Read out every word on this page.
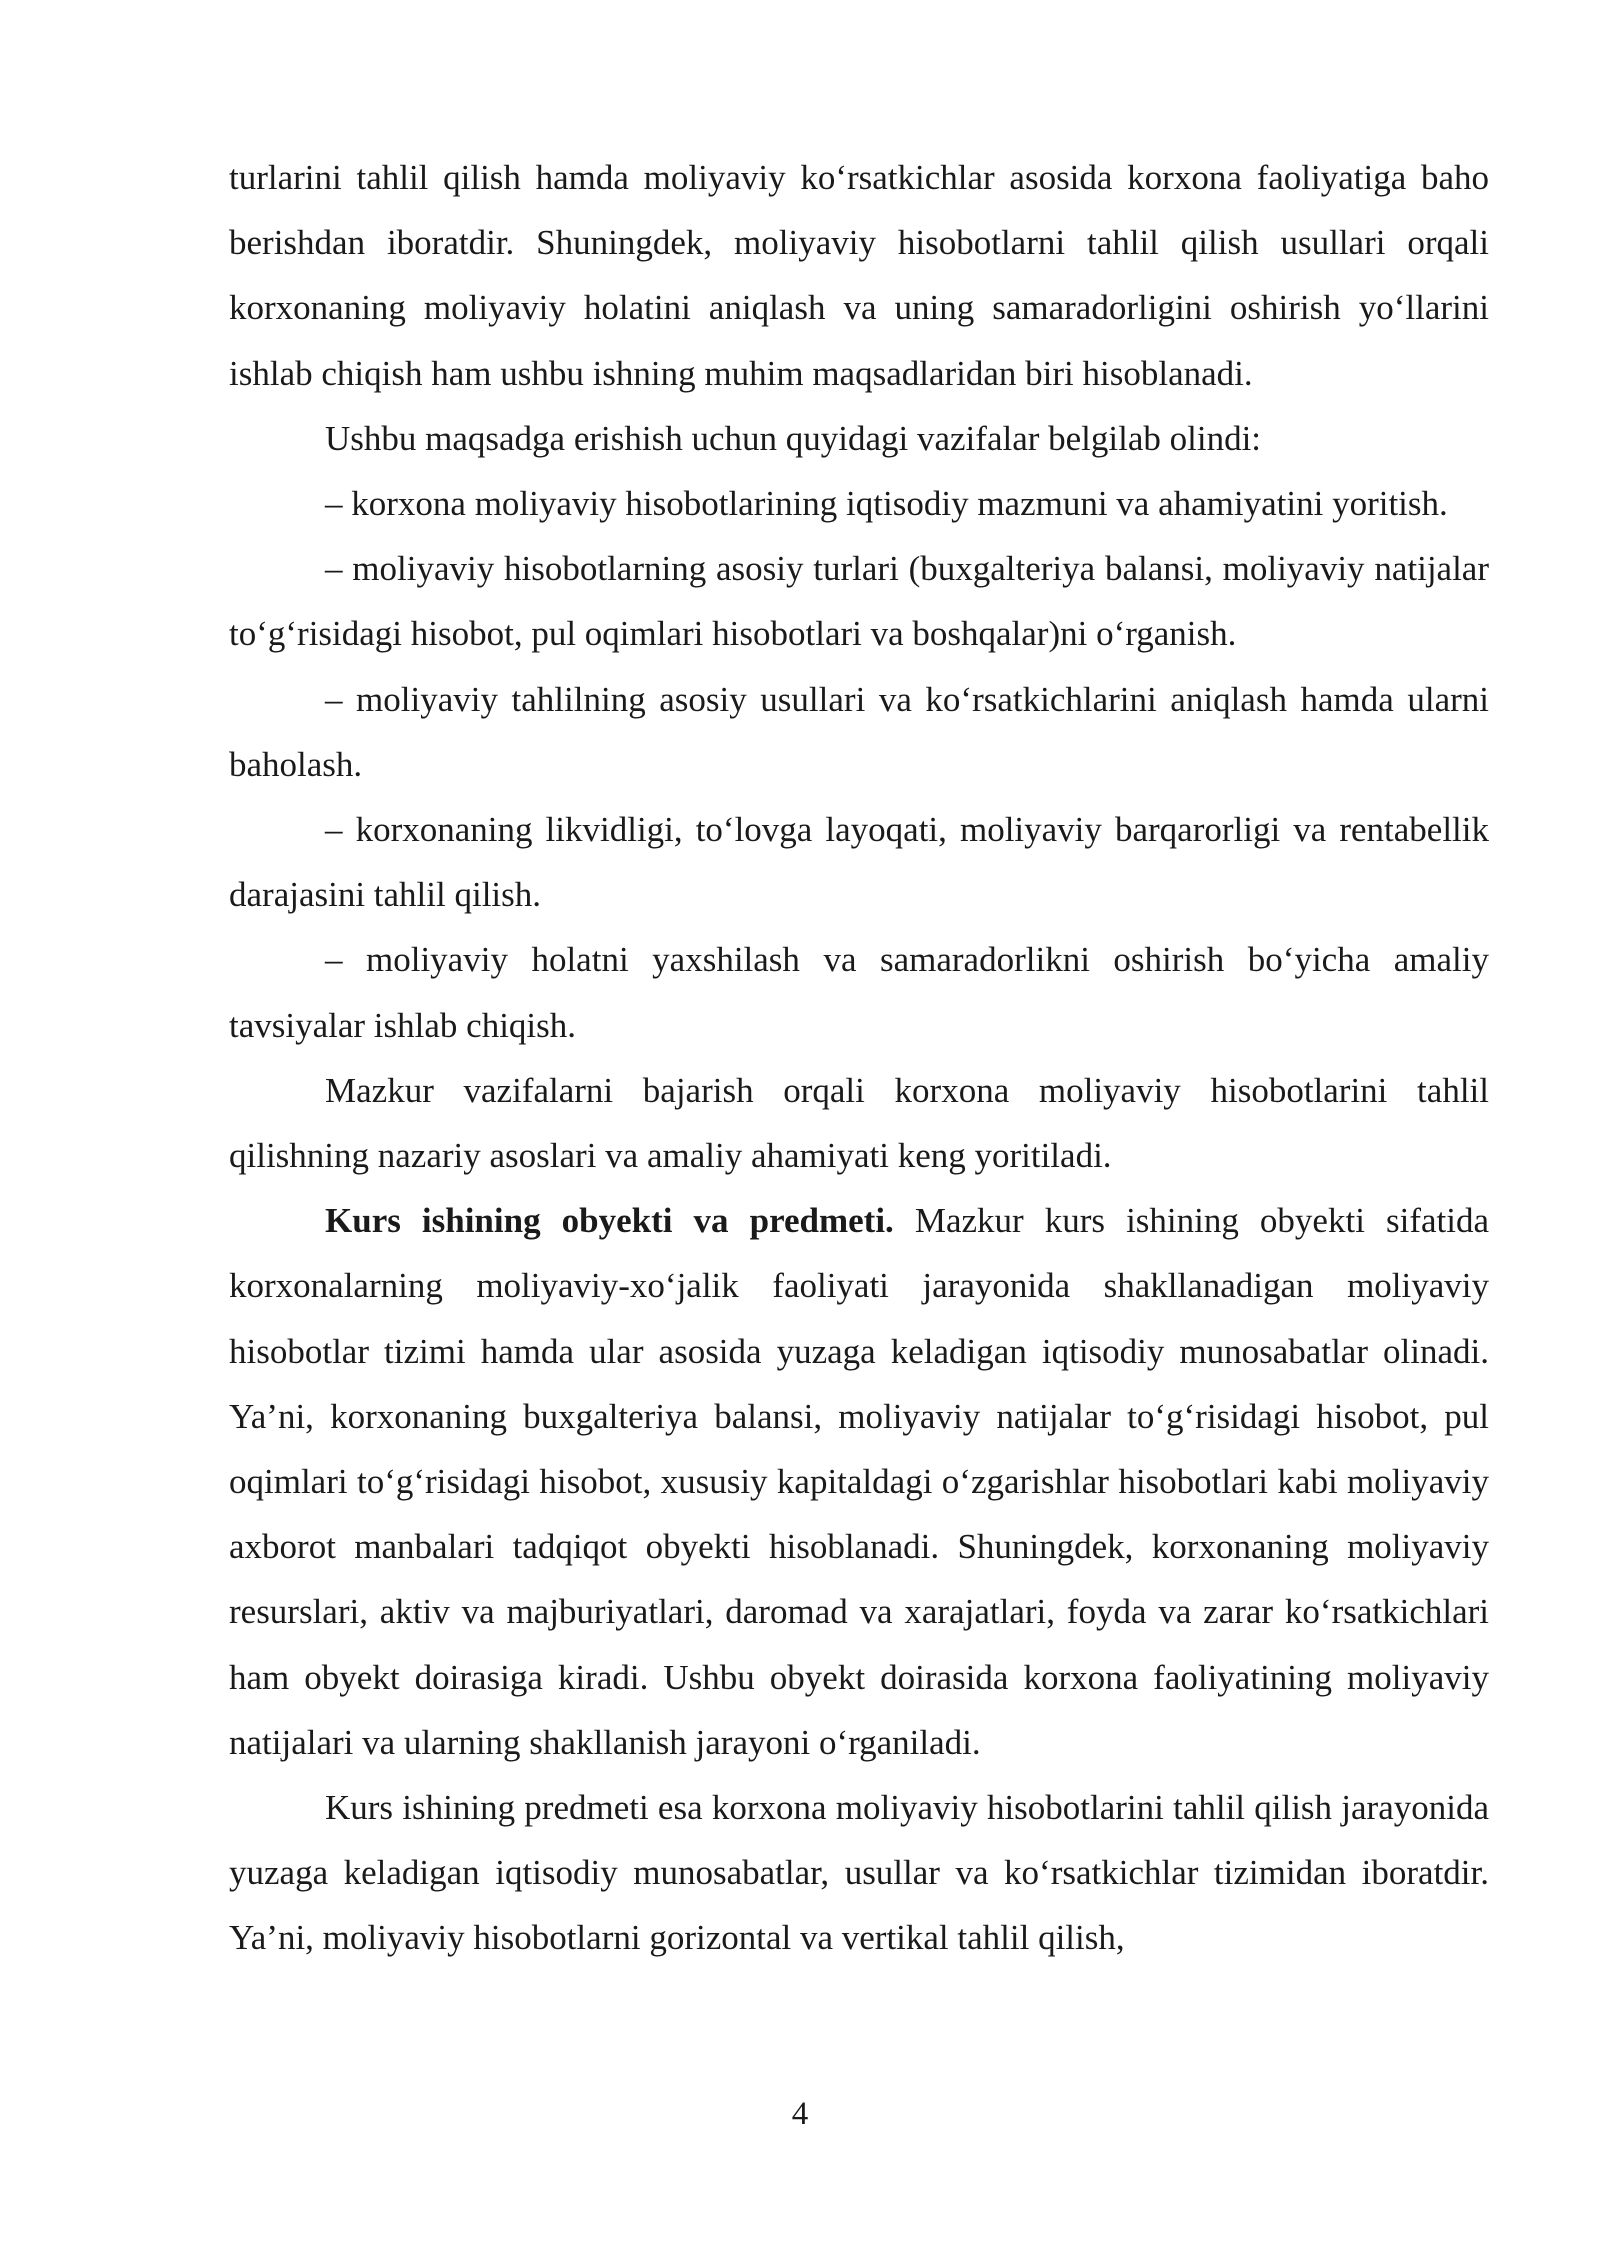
turlarini tahlil qilish hamda moliyaviy ko‘rsatkichlar asosida korxona faoliyatiga baho berishdan iboratdir. Shuningdek, moliyaviy hisobotlarni tahlil qilish usullari orqali korxonaning moliyaviy holatini aniqlash va uning samaradorligini oshirish yo‘llarini ishlab chiqish ham ushbu ishning muhim maqsadlaridan biri hisoblanadi.

Ushbu maqsadga erishish uchun quyidagi vazifalar belgilab olindi:

– korxona moliyaviy hisobotlarining iqtisodiy mazmuni va ahamiyatini yoritish.

– moliyaviy hisobotlarning asosiy turlari (buxgalteriya balansi, moliyaviy natijalar to‘g‘risidagi hisobot, pul oqimlari hisobotlari va boshqalar)ni o‘rganish.

– moliyaviy tahlilning asosiy usullari va ko‘rsatkichlarini aniqlash hamda ularni baholash.

– korxonaning likvidligi, to‘lovga layoqati, moliyaviy barqarorligi va rentabellik darajasini tahlil qilish.

– moliyaviy holatni yaxshilash va samaradorlikni oshirish bo‘yicha amaliy tavsiyalar ishlab chiqish.

Mazkur vazifalarni bajarish orqali korxona moliyaviy hisobotlarini tahlil qilishning nazariy asoslari va amaliy ahamiyati keng yoritiladi.

Kurs ishining obyekti va predmeti. Mazkur kurs ishining obyekti sifatida korxonalarning moliyaviy-xo‘jalik faoliyati jarayonida shakllanadigan moliyaviy hisobotlar tizimi hamda ular asosida yuzaga keladigan iqtisodiy munosabatlar olinadi. Ya’ni, korxonaning buxgalteriya balansi, moliyaviy natijalar to‘g‘risidagi hisobot, pul oqimlari to‘g‘risidagi hisobot, xususiy kapitaldagi o‘zgarishlar hisobotlari kabi moliyaviy axborot manbalari tadqiqot obyekti hisoblanadi. Shuningdek, korxonaning moliyaviy resurslari, aktiv va majburiyatlari, daromad va xarajatlari, foyda va zarar ko‘rsatkichlari ham obyekt doirasiga kiradi. Ushbu obyekt doirasida korxona faoliyatining moliyaviy natijalari va ularning shakllanish jarayoni o‘rganiladi.

Kurs ishining predmeti esa korxona moliyaviy hisobotlarini tahlil qilish jarayonida yuzaga keladigan iqtisodiy munosabatlar, usullar va ko‘rsatkichlar tizimidan iboratdir. Ya’ni, moliyaviy hisobotlarni gorizontal va vertikal tahlil qilish,

4
